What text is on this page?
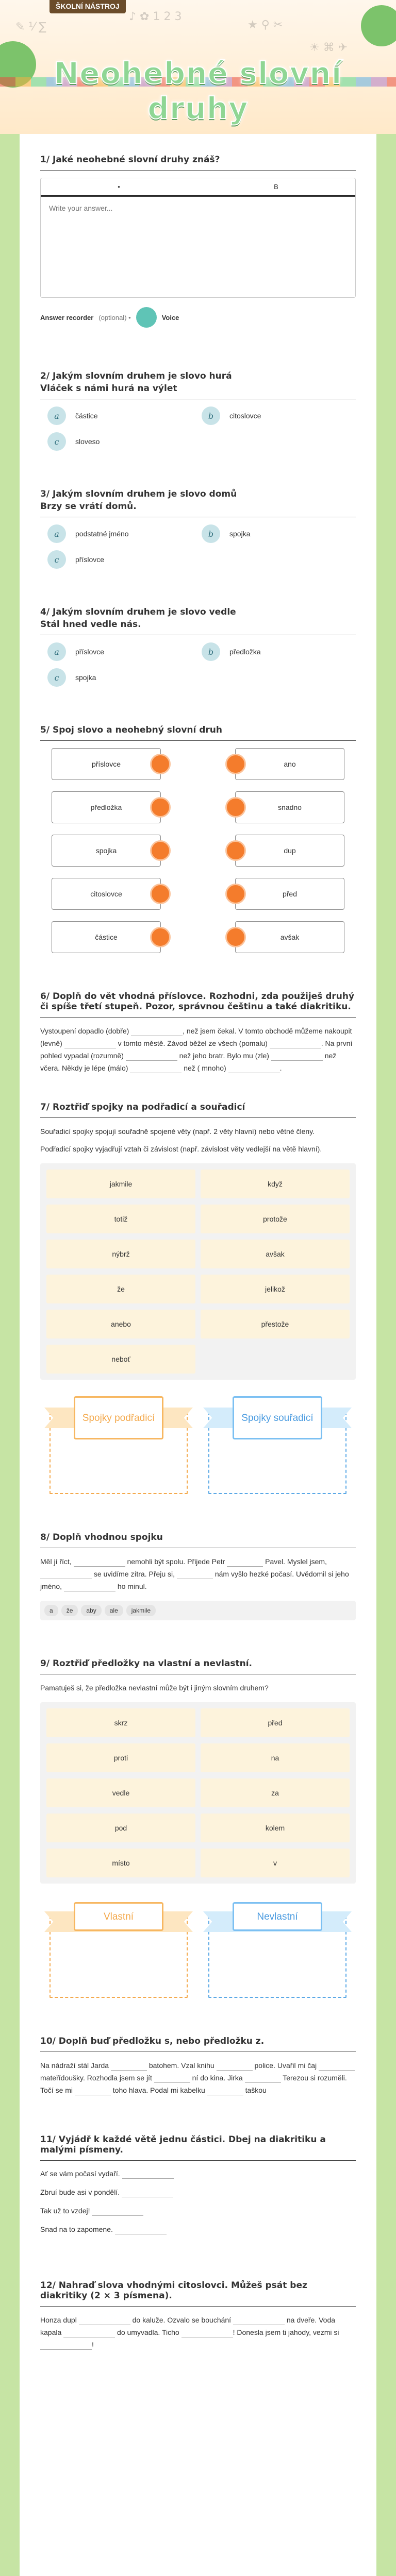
ŠKOLNÍ NÁSTROJ
✎ ⅟ ∑
♪ ✿ 1 2 3
★ ⚲ ✂
☀ ⌘ ✈
Neohebné slovní druhy
1/ Jaké neohebné slovní druhy znáš?
•	B
Write your answer...
Answer recorder (optional) •	Voice
2/ Jakým slovním druhem je slovo hurá
Vláček s námi hurá na výlet
a	částice	b	citoslovce
c	sloveso
3/ Jakým slovním druhem je slovo domů
Brzy se vrátí domů.
a	podstatné jméno	b	spojka
c	příslovce
4/ Jakým slovním druhem je slovo vedle
Stál hned vedle nás.
a	příslovce	b	předložka
c	spojka
5/ Spoj slovo a neohebný slovní druh
příslovce	ano
předložka	snadno
spojka	dup
citoslovce	před
částice	avšak
6/ Doplň do vět vhodná příslovce. Rozhodni, zda použiješ druhý či spíše třetí stupeň. Pozor, správnou češtinu a také diakritiku.

Vystoupení dopadlo (dobře)	, než jsem čekal. V tomto obchodě můžeme nakoupit (levně)	v tomto městě. Závod běžel ze všech (pomalu)	. Na první pohled vypadal (rozumně)	než jeho bratr. Bylo mu (zle)	než včera. Někdy je lépe (málo)	než ( mnoho)	.

7/ Roztřiď spojky na podřadicí a souřadicí

Souřadicí spojky spojují souřadně spojené věty (např. 2 věty hlavní) nebo větné členy.

Podřadicí spojky vyjadřují vztah či závislost (např. závislost věty vedlejší na větě hlavní).

jakmile	když
totiž	protože
nýbrž	avšak
že	jelikož
anebo	přestože
neboť
Spojky podřadicí	Spojky souřadicí
8/ Doplň vhodnou spojku

Měl jí říct,	nemohli být spolu. Přijede Petr	Pavel. Myslel jsem,  se uvidíme zítra. Přeju si,	nám vyšlo hezké počasí. Uvědomil si jeho jméno,	ho minul.

a	že	aby	ale	jakmile
9/ Roztřiď předložky na vlastní a nevlastní.

Pamatuješ si, že předložka nevlastní může být i jiným slovním druhem?

skrz	před
proti	na
vedle	za
pod	kolem
místo	v
Vlastní	Nevlastní
10/ Doplň buď předložku s, nebo předložku z.

Na nádraží stál Jarda	batohem. Vzal knihu	police. Uvařil mi čaj  mateřídoušky. Rozhodla jsem se jít	ní do kina. Jirka	Terezou si rozuměli. Točí se mi	toho hlava. Podal mi kabelku	taškou

11/ Vyjádř k každé větě jednu částici. Dbej na diakritiku a malými písmeny.

Ať se vám počasí vydaří.

Zbruí bude asi v pondělí.

Tak už to vzdej!

Snad na to zapomene.

12/ Nahraď slova vhodnými citoslovci. Můžeš psát bez diakritiky (2 × 3 písmena).

Honza dupl	do kaluže. Ozvalo se bouchání	na dveře. Voda kapala	do umyvadla. Ticho	! Donesla jsem ti jahody, vezmi si !
